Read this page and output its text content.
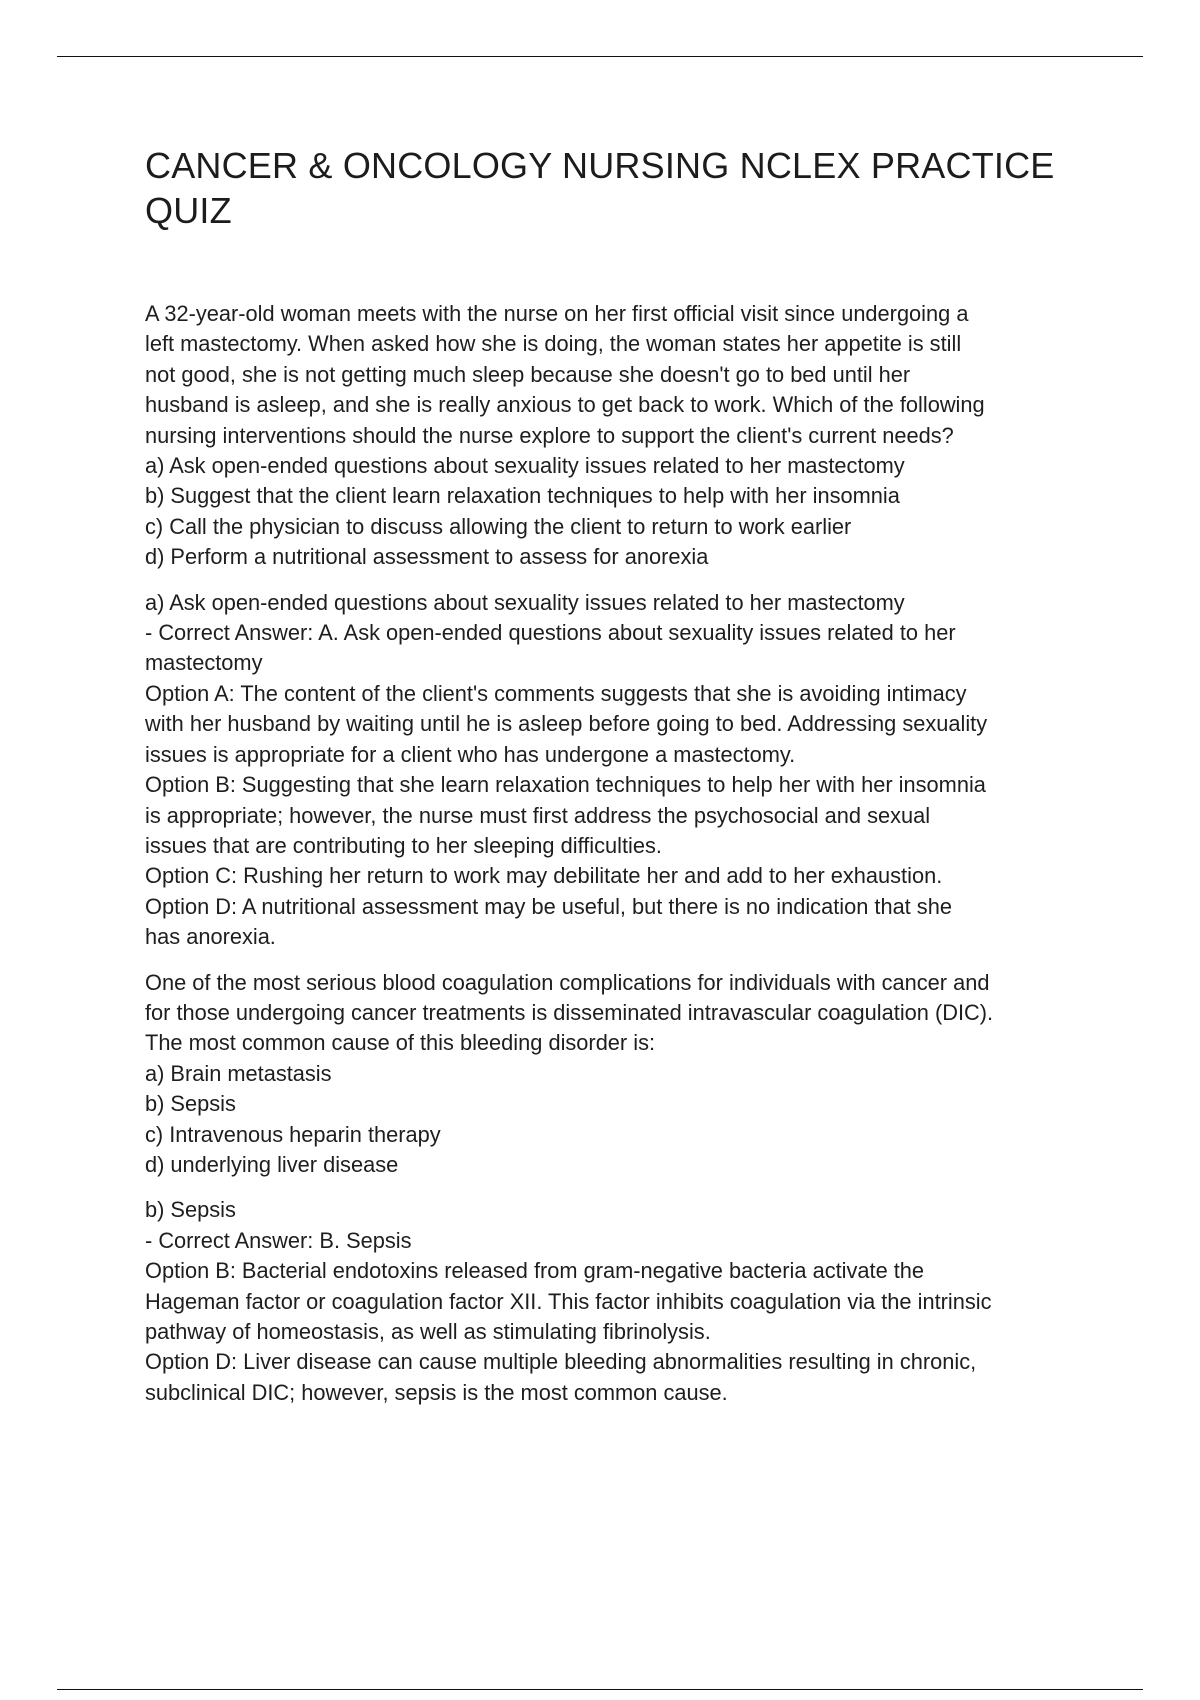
CANCER & ONCOLOGY NURSING NCLEX PRACTICE
QUIZ

A 32-year-old woman meets with the nurse on her first official visit since undergoing a
left mastectomy. When asked how she is doing, the woman states her appetite is still
not good, she is not getting much sleep because she doesn't go to bed until her
husband is asleep, and she is really anxious to get back to work. Which of the following
nursing interventions should the nurse explore to support the client's current needs?
a) Ask open-ended questions about sexuality issues related to her mastectomy
b) Suggest that the client learn relaxation techniques to help with her insomnia
c) Call the physician to discuss allowing the client to return to work earlier
d) Perform a nutritional assessment to assess for anorexia

a) Ask open-ended questions about sexuality issues related to her mastectomy
- Correct Answer: A. Ask open-ended questions about sexuality issues related to her
mastectomy
Option A: The content of the client's comments suggests that she is avoiding intimacy
with her husband by waiting until he is asleep before going to bed. Addressing sexuality
issues is appropriate for a client who has undergone a mastectomy.
Option B: Suggesting that she learn relaxation techniques to help her with her insomnia
is appropriate; however, the nurse must first address the psychosocial and sexual
issues that are contributing to her sleeping difficulties.
Option C: Rushing her return to work may debilitate her and add to her exhaustion.
Option D: A nutritional assessment may be useful, but there is no indication that she
has anorexia.

One of the most serious blood coagulation complications for individuals with cancer and
for those undergoing cancer treatments is disseminated intravascular coagulation (DIC).
The most common cause of this bleeding disorder is:
a) Brain metastasis
b) Sepsis
c) Intravenous heparin therapy
d) underlying liver disease

b) Sepsis
- Correct Answer: B. Sepsis
Option B: Bacterial endotoxins released from gram-negative bacteria activate the
Hageman factor or coagulation factor XII. This factor inhibits coagulation via the intrinsic
pathway of homeostasis, as well as stimulating fibrinolysis.
Option D: Liver disease can cause multiple bleeding abnormalities resulting in chronic,
subclinical DIC; however, sepsis is the most common cause.
